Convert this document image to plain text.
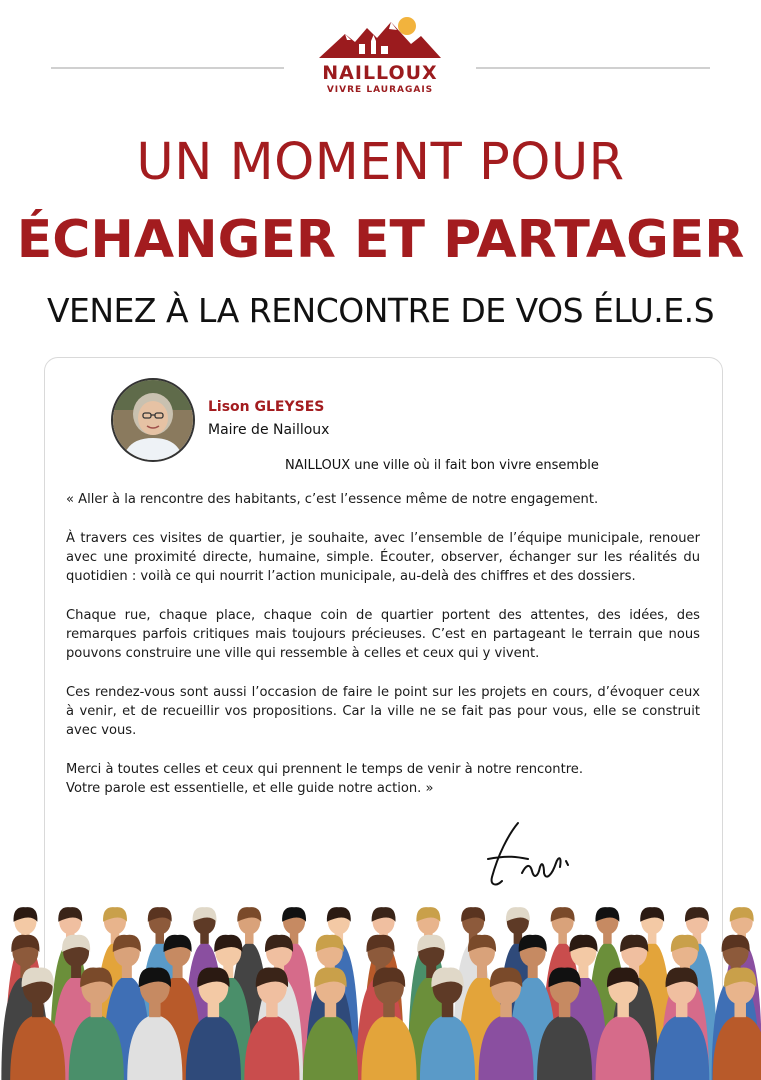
NAILLOUX
VIVRE LAURAGAIS
UN MOMENT POUR
ÉCHANGER ET PARTAGER
VENEZ À LA RENCONTRE DE VOS ÉLU.E.S
Lison GLEYSES
Maire de Nailloux
NAILLOUX une ville où il fait bon vivre ensemble

« Aller à la rencontre des habitants, c’est l’essence même de notre engagement.

À travers ces visites de quartier, je souhaite, avec l’ensemble de l’équipe municipale, renouer avec une proximité directe, humaine, simple. Écouter, observer, échanger sur les réalités du quotidien : voilà ce qui nourrit l’action municipale, au-delà des chiffres et des dossiers.

Chaque rue, chaque place, chaque coin de quartier portent des attentes, des idées, des remarques parfois critiques mais toujours précieuses. C’est en partageant le terrain que nous pouvons construire une ville qui ressemble à celles et ceux qui y vivent.

Ces rendez-vous sont aussi l’occasion de faire le point sur les projets en cours, d’évoquer ceux à venir, et de recueillir vos propositions. Car la ville ne se fait pas pour vous, elle se construit avec vous.

Merci à toutes celles et ceux qui prennent le temps de venir à notre rencontre.
Votre parole est essentielle, et elle guide notre action. »
